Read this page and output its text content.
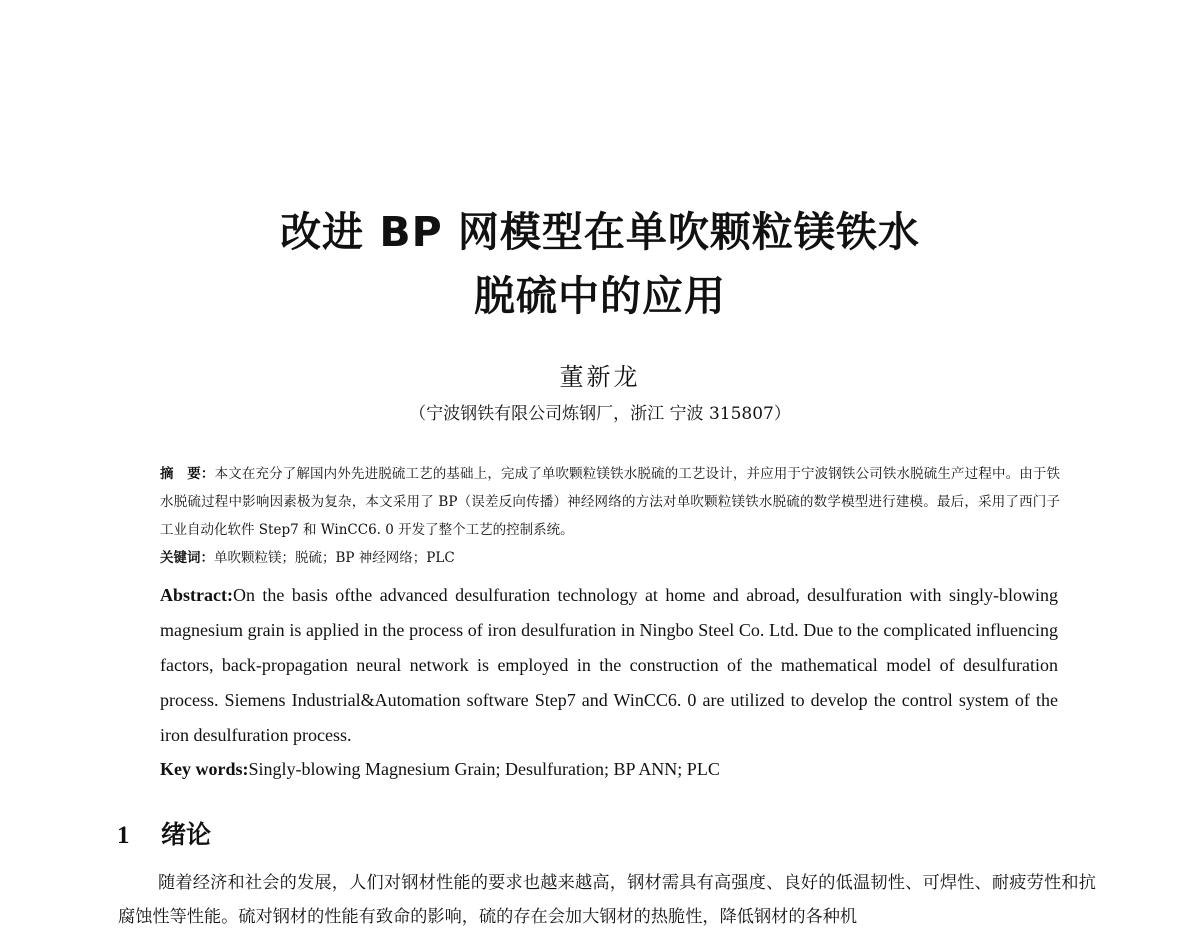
改进 BP 网模型在单吹颗粒镁铁水
脱硫中的应用
董新龙
（宁波钢铁有限公司炼钢厂，浙江 宁波 315807）
摘　要：本文在充分了解国内外先进脱硫工艺的基础上，完成了单吹颗粒镁铁水脱硫的工艺设计，并应用于宁波钢铁公司铁水脱硫生产过程中。由于铁水脱硫过程中影响因素极为复杂，本文采用了 BP（误差反向传播）神经网络的方法对单吹颗粒镁铁水脱硫的数学模型进行建模。最后，采用了西门子工业自动化软件 Step7 和 WinCC6. 0 开发了整个工艺的控制系统。
关键词：单吹颗粒镁；脱硫；BP 神经网络；PLC
Abstract:On the basis ofthe advanced desulfuration technology at home and abroad, desulfuration with singly-blowing magnesium grain is applied in the process of iron desulfuration in Ningbo Steel Co. Ltd. Due to the complicated influencing factors, back-propagation neural network is employed in the construction of the mathematical model of desulfuration process. Siemens Industrial&Automation software Step7 and WinCC6. 0 are utilized to develop the control system of the iron desulfuration process.
Key words:Singly-blowing Magnesium Grain; Desulfuration; BP ANN; PLC
1 绪论
随着经济和社会的发展，人们对钢材性能的要求也越来越高，钢材需具有高强度、良好的低温韧性、可焊性、耐疲劳性和抗腐蚀性等性能。硫对钢材的性能有致命的影响，硫的存在会加大钢材的热脆性，降低钢材的各种机
